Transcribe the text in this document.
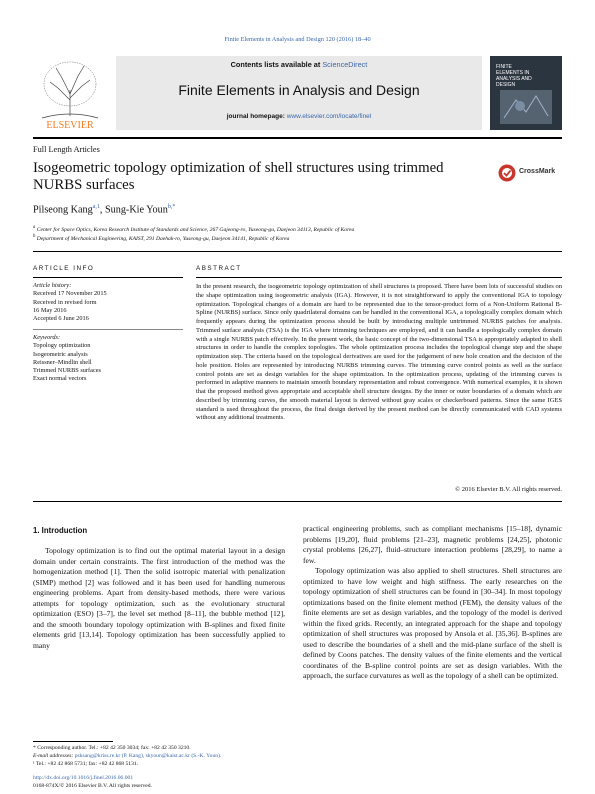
Finite Elements in Analysis and Design 120 (2016) 18–40
ELSEVIER
Contents lists available at ScienceDirect
Finite Elements in Analysis and Design
journal homepage: www.elsevier.com/locate/finel
FINITE ELEMENTS IN ANALYSIS AND DESIGN
Full Length Articles
Isogeometric topology optimization of shell structures using trimmed NURBS surfaces
CrossMark
Pilseong Kang$^{a,1}$, Sung-Kie Youn$^{b,*}$
$^a$ Center for Space Optics, Korea Research Institute of Standards and Science, 267 Gajeong-ro, Yuseong-gu, Daejeon 34113, Republic of Korea
$^b$ Department of Mechanical Engineering, KAIST, 291 Daehak-ro, Yuseong-gu, Daejeon 34141, Republic of Korea
ARTICLE INFO
Article history:
Received 17 November 2015
Received in revised form
16 May 2016
Accepted 6 June 2016
Keywords:
Topology optimization
Isogeometric analysis
Reissner–Mindlin shell
Trimmed NURBS surfaces
Exact normal vectors
ABSTRACT
In the present research, the isogeometric topology optimization of shell structures is proposed. There have been lots of successful studies on the shape optimization using isogeometric analysis (IGA). However, it is not straightforward to apply the conventional IGA to topology optimization. Topological changes of a domain are hard to be represented due to the tensor-product form of a Non-Uniform Rational B-Spline (NURBS) surface. Since only quadrilateral domains can be handled in the conventional IGA, a topologically complex domain which frequently appears during the optimization process should be built by introducing multiple untrimmed NURBS patches for analysis. Trimmed surface analysis (TSA) is the IGA where trimming techniques are employed, and it can handle a topologically complex domain with a single NURBS patch effectively. In the present work, the basic concept of the two-dimensional TSA is appropriately adapted to shell structures in order to handle the complex topologies. The whole optimization process includes the topological change step and the shape optimization step. The criteria based on the topological derivatives are used for the judgement of new hole creation and the decision of the hole position. Holes are represented by introducing NURBS trimming curves. The trimming curve control points as well as the surface control points are set as design variables for the shape optimization. In the optimization process, updating of the trimming curves is performed in adaptive manners to maintain smooth boundary representation and robust convergence. With numerical examples, it is shown that the proposed method gives appropriate and acceptable shell structure designs. By the inner or outer boundaries of a domain which are described by trimming curves, the smooth material layout is derived without gray scales or checkerboard patterns. Since the same IGES standard is used throughout the process, the final design derived by the present method can be directly communicated with CAD systems without any additional treatments.
© 2016 Elsevier B.V. All rights reserved.
1. Introduction
Topology optimization is to find out the optimal material layout in a design domain under certain constraints. The first introduction of the method was the homogenization method [1]. Then the solid isotropic material with penalization (SIMP) method [2] was followed and it has been used for handling numerous engineering problems. Apart from density-based methods, there were various attempts for topology optimization, such as the evolutionary structural optimization (ESO) [3–7], the level set method [8–11], the bubble method [12], and the smooth boundary topology optimization with B-splines and fixed finite elements grid [13,14]. Topology optimization has been successfully applied to many
practical engineering problems, such as compliant mechanisms [15–18], dynamic problems [19,20], fluid problems [21–23], magnetic problems [24,25], photonic crystal problems [26,27], fluid–structure interaction problems [28,29], to name a few.
Topology optimization was also applied to shell structures. Shell structures are optimized to have low weight and high stiffness. The early researches on the topology optimization of shell structures can be found in [30–34]. In most topology optimizations based on the finite element method (FEM), the density values of the finite elements are set as design variables, and the topology of the model is derived within the fixed grids. Recently, an integrated approach for the shape and topology optimization of shell structures was proposed by Ansola et al. [35,36]. B-splines are used to describe the boundaries of a shell and the mid-plane surface of the shell is defined by Coons patches. The density values of the finite elements and the vertical coordinates of the B-spline control points are set as design variables. With the approach, the surface curvatures as well as the topology of a shell can be optimized.
* Corresponding author. Tel.: +82 42 350 3034; fax: +82 42 350 3210.
E-mail addresses: psksang@kriss.re.kr (P. Kang), skyoun@kaist.ac.kr (S.-K. Youn).
¹ Tel.: +82 42 868 5731; fax: +82 42 868 5131.
http://dx.doi.org/10.1016/j.finel.2016.06.001
0168-874X/© 2016 Elsevier B.V. All rights reserved.
